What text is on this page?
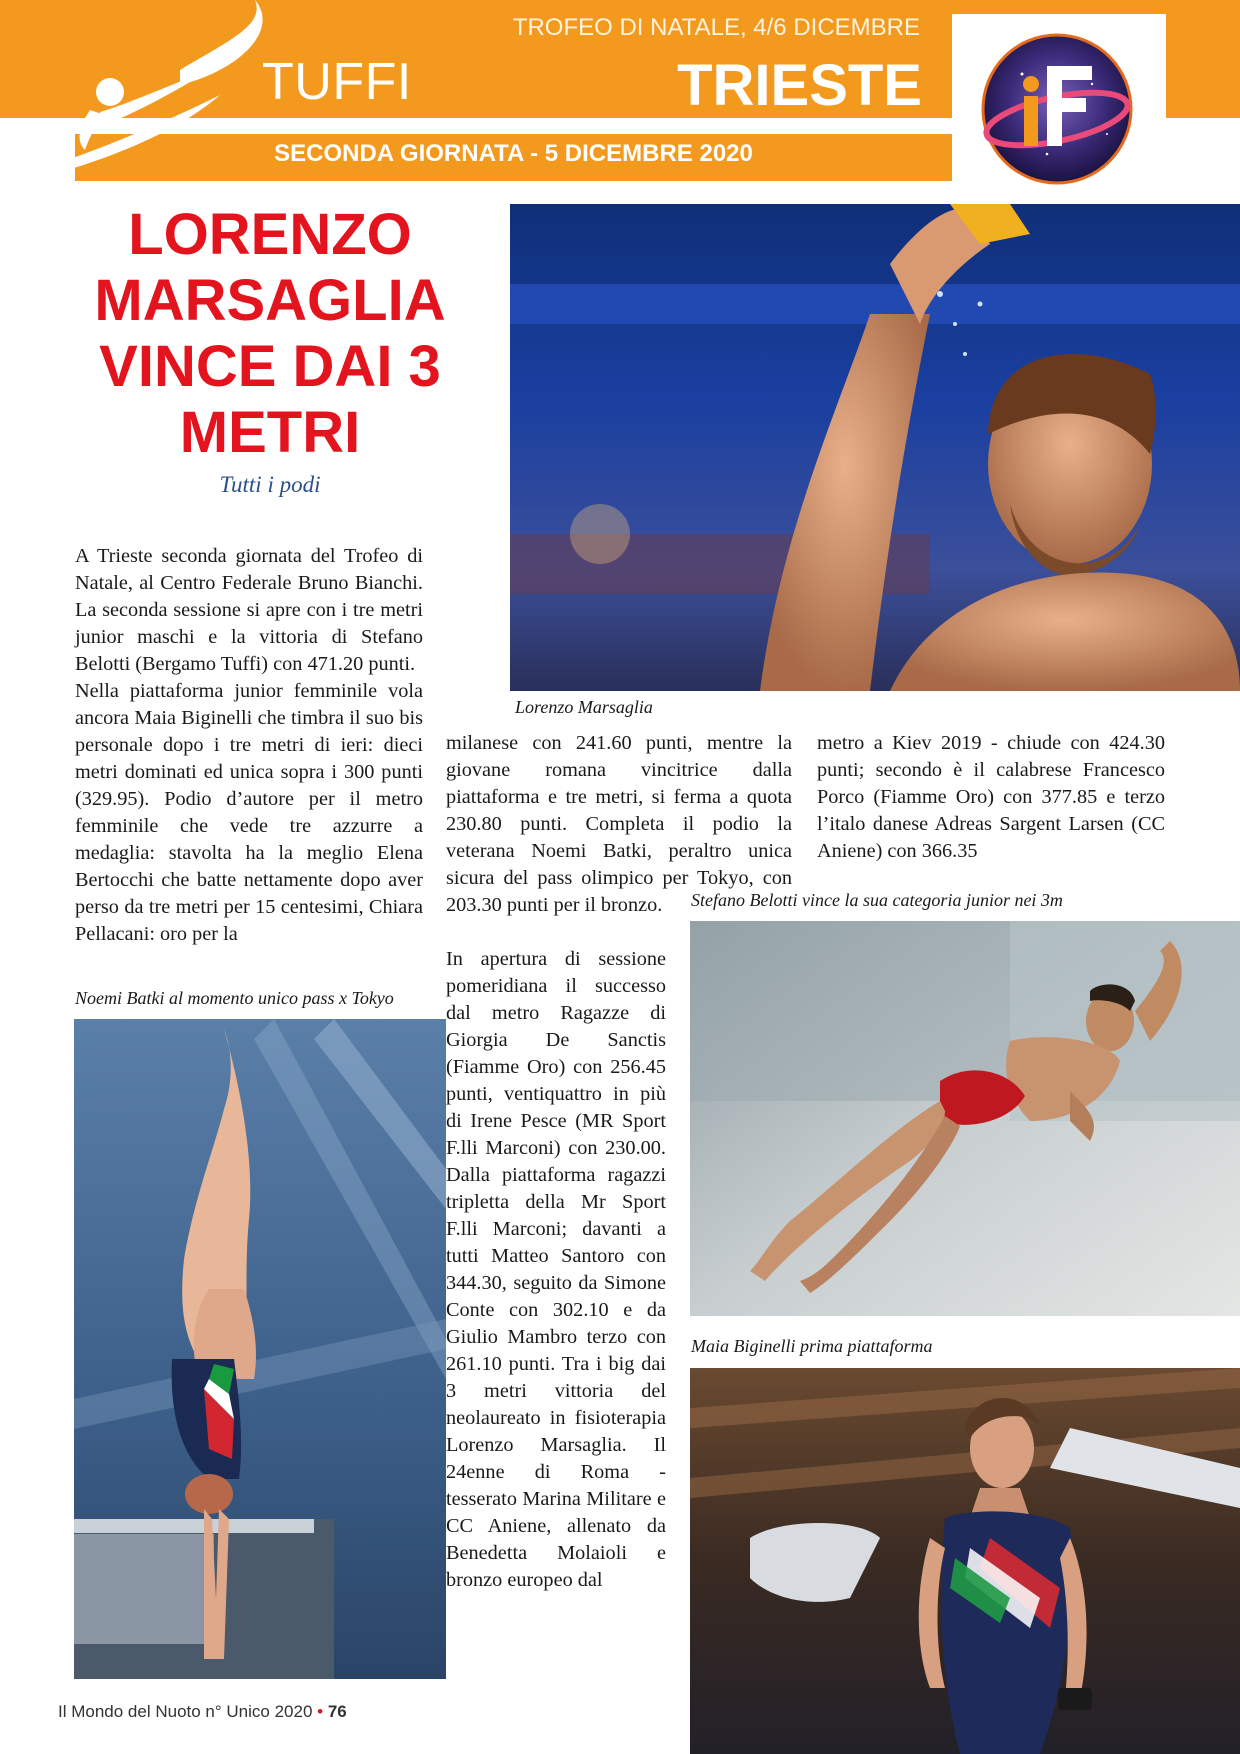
TUFFI
TROFEO DI NATALE, 4/6 DICEMBRE
TRIESTE
SECONDA GIORNATA - 5 DICEMBRE 2020
iF
LORENZO
MARSAGLIA
VINCE DAI 3
METRI
Tutti i podi
Lorenzo Marsaglia

A Trieste seconda giornata del Trofeo di Natale, al Centro Federale Bruno Bianchi. La seconda sessione si apre con i tre metri junior maschi e la vittoria di Stefano Belotti (Bergamo Tuffi) con 471.20 punti.

Nella piattaforma junior femminile vola ancora Maia Biginelli che timbra il suo bis personale dopo i tre metri di ieri: dieci metri dominati ed unica sopra i 300 punti (329.95). Podio d’autore per il metro femminile che vede tre azzurre a medaglia: stavolta ha la meglio Elena Bertocchi che batte nettamente dopo aver perso da tre metri per 15 centesimi, Chiara Pellacani: oro per la

Noemi Batki al momento unico pass x Tokyo

milanese con 241.60 punti, mentre la giovane romana vincitrice dalla piattaforma e tre metri, si ferma a quota 230.80 punti. Completa il podio la veterana Noemi Batki, peraltro unica sicura del pass olimpico per Tokyo, con 203.30 punti per il bronzo.

In apertura di sessione pomeridiana il successo dal metro Ragazze di Giorgia De Sanctis (Fiamme Oro) con 256.45 punti, ventiquattro in più di Irene Pesce (MR Sport F.lli Marconi) con 230.00. Dalla piattaforma ragazzi tripletta della Mr Sport F.lli Marconi; davanti a tutti Matteo Santoro con 344.30, seguito da Simone Conte con 302.10 e da Giulio Mambro terzo con 261.10 punti. Tra i big dai 3 metri vittoria del neolaureato in fisioterapia Lorenzo Marsaglia. Il 24enne di Roma - tesserato Marina Militare e CC Aniene, allenato da Benedetta Molaioli e bronzo europeo dal

metro a Kiev 2019 - chiude con 424.30 punti; secondo è il calabrese Francesco Porco (Fiamme Oro) con 377.85 e terzo l’italo danese Adreas Sargent Larsen (CC Aniene) con 366.35

Stefano Belotti vince la sua categoria junior nei 3m
Maia Biginelli prima piattaforma
Il Mondo del Nuoto n° Unico 2020 • 76
